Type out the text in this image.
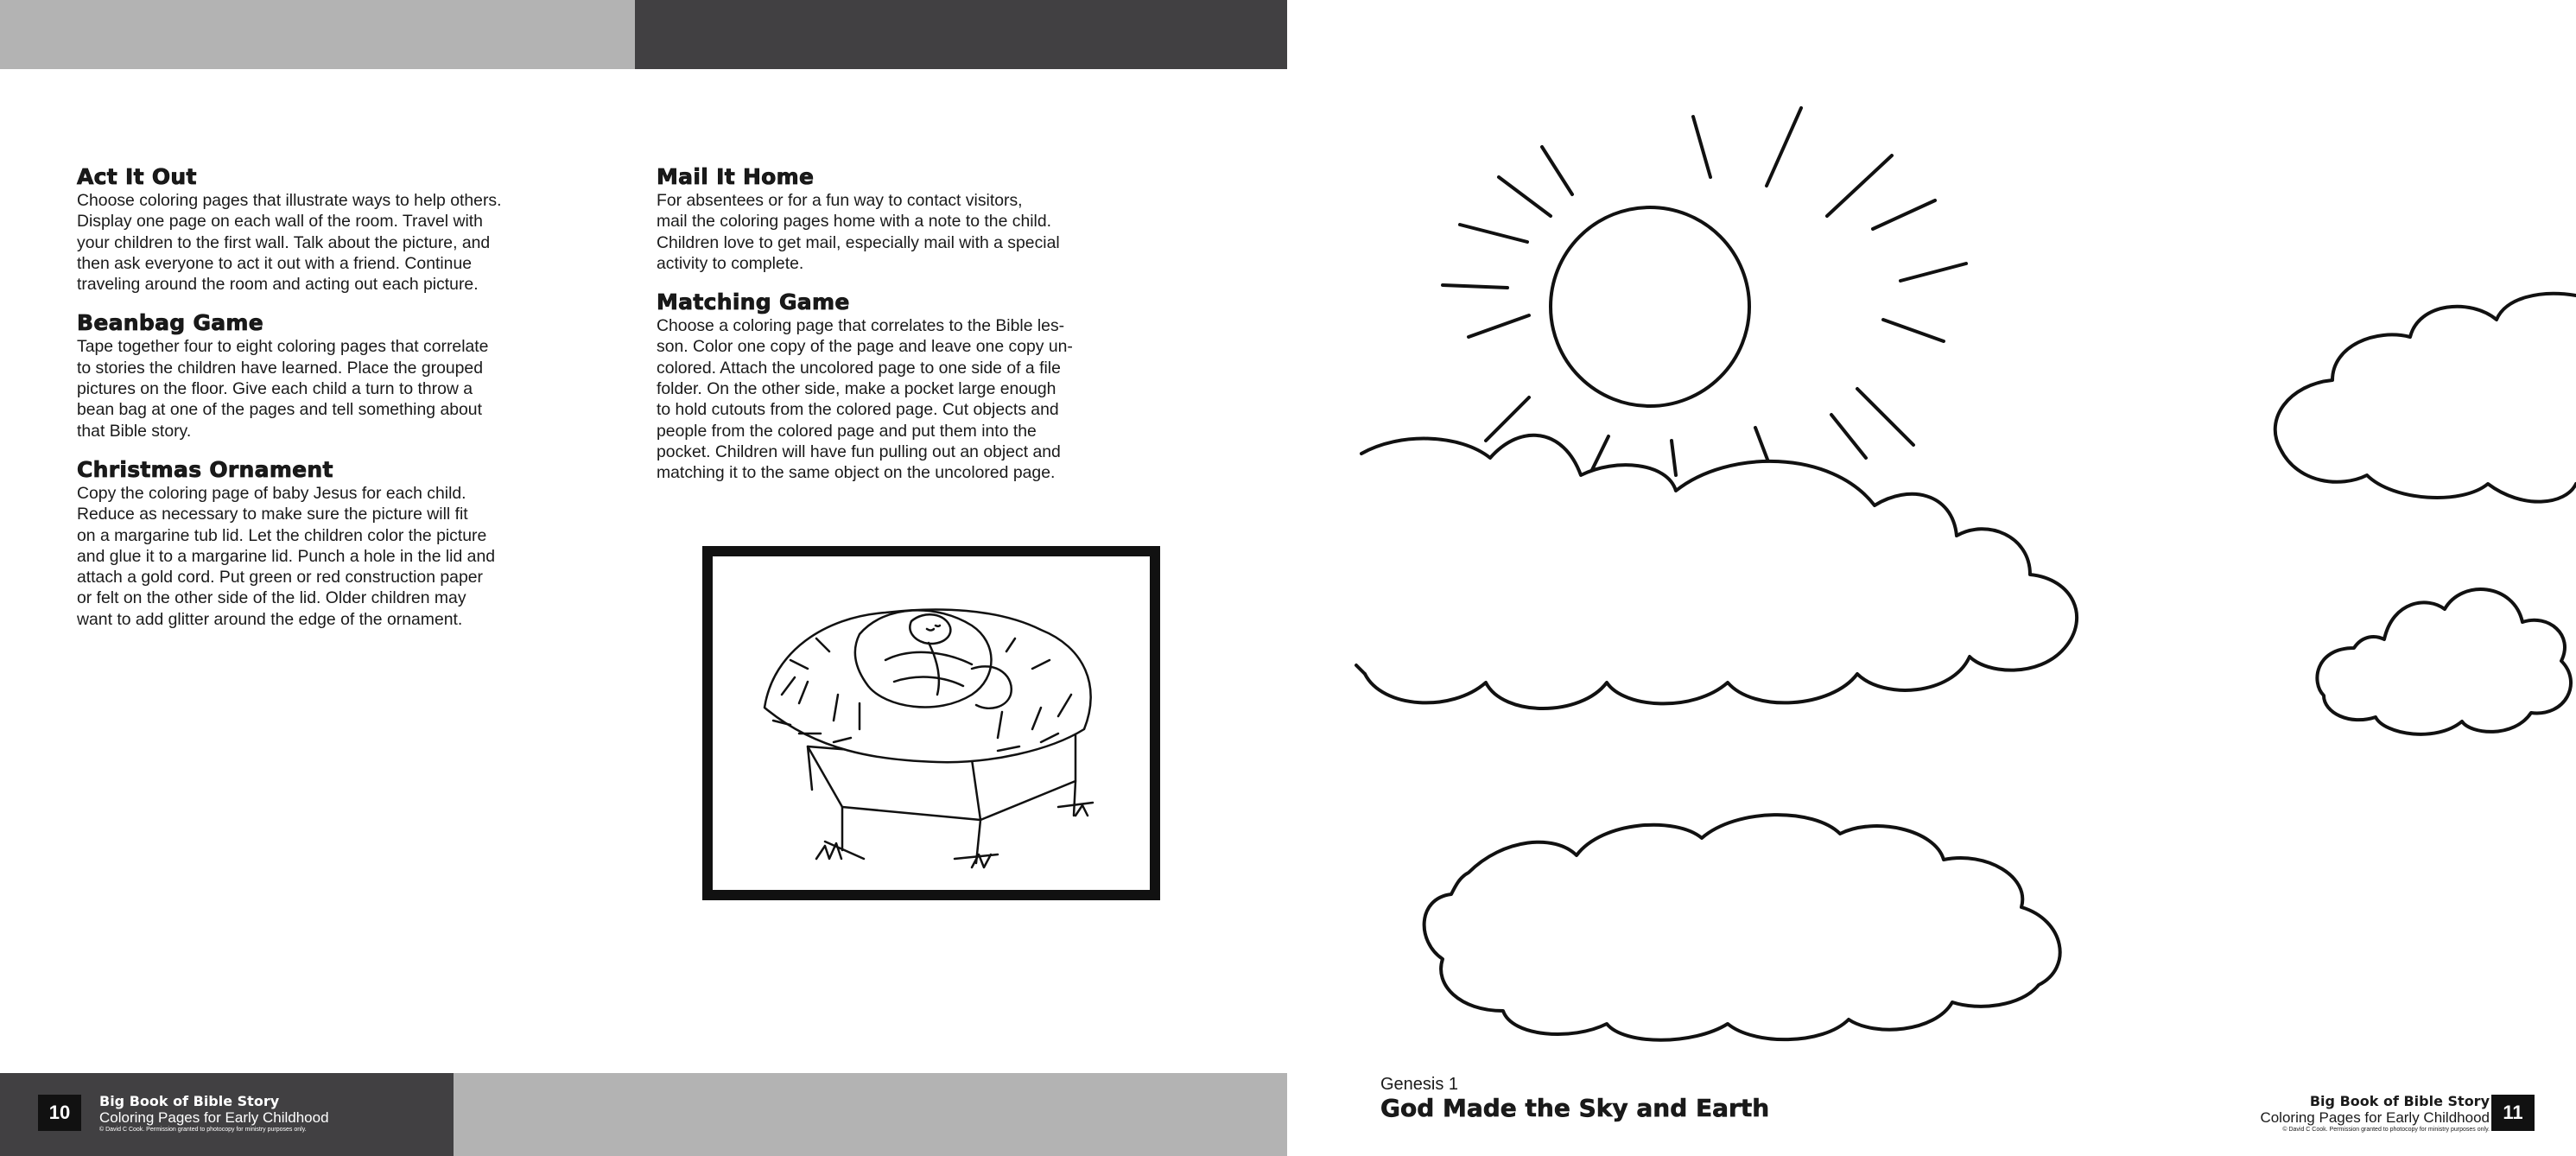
Act It Out

Choose coloring pages that illustrate ways to help others.
Display one page on each wall of the room. Travel with
your children to the first wall. Talk about the picture, and
then ask everyone to act it out with a friend. Continue
traveling around the room and acting out each picture.

Beanbag Game

Tape together four to eight coloring pages that correlate
to stories the children have learned. Place the grouped
pictures on the floor. Give each child a turn to throw a
bean bag at one of the pages and tell something about
that Bible story.

Christmas Ornament

Copy the coloring page of baby Jesus for each child.
Reduce as necessary to make sure the picture will fit
on a margarine tub lid. Let the children color the picture
and glue it to a margarine lid. Punch a hole in the lid and
attach a gold cord. Put green or red construction paper
or felt on the other side of the lid. Older children may
want to add glitter around the edge of the ornament.

Mail It Home

For absentees or for a fun way to contact visitors,
mail the coloring pages home with a note to the child.
Children love to get mail, especially mail with a special
activity to complete.

Matching Game

Choose a coloring page that correlates to the Bible les-
son. Color one copy of the page and leave one copy un-
colored. Attach the uncolored page to one side of a file
folder. On the other side, make a pocket large enough
to hold cutouts from the colored page. Cut objects and
people from the colored page and put them into the
pocket. Children will have fun pulling out an object and
matching it to the same object on the uncolored page.

10
Big Book of Bible Story
Coloring Pages for Early Childhood
© David C Cook. Permission granted to photocopy for ministry purposes only.
Genesis 1
God Made the Sky and Earth	Big Book of Bible Story
Coloring Pages for Early Childhood
© David C Cook. Permission granted to photocopy for ministry purposes only.
11
